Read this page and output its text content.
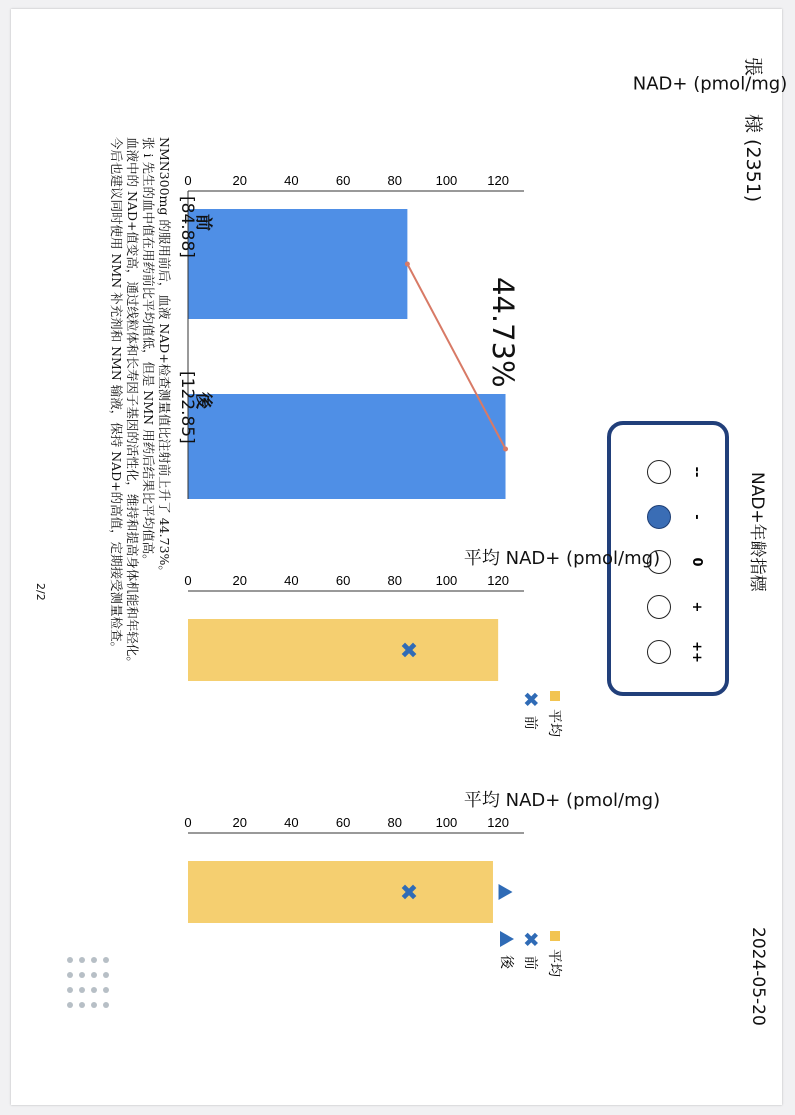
張　　様 (2351)
2024-05-20
NAD+ (pmol/mg)
0	20	40	60	80	100 120
44.73%
前
[84.88]
後
[122.85]
NAD+年齢指標
--
-
0
+
++
平均 NAD+ (pmol/mg)
0	20	40	60	80	100 120
✖
平均
✖
前
平均 NAD+ (pmol/mg)
0	20	40	60	80	100 120
✖
平均
✖
前
後
NMN300mg 的服用前后，血液 NAD+检查测量值比注射前上升了 44.73%。
张 i 先生的血中值在用药前比平均值低，但是 NMN 用药后结果比平均值高。
血液中的 NAD+值变高，通过线粒体和长寿因子基因的活性化，维持和提高身体机能和年轻化。
今后也建议同时使用 NMN 补充剂和 NMN 输液，保持 NAD+的高值，定期接受测量检查。
2/2
